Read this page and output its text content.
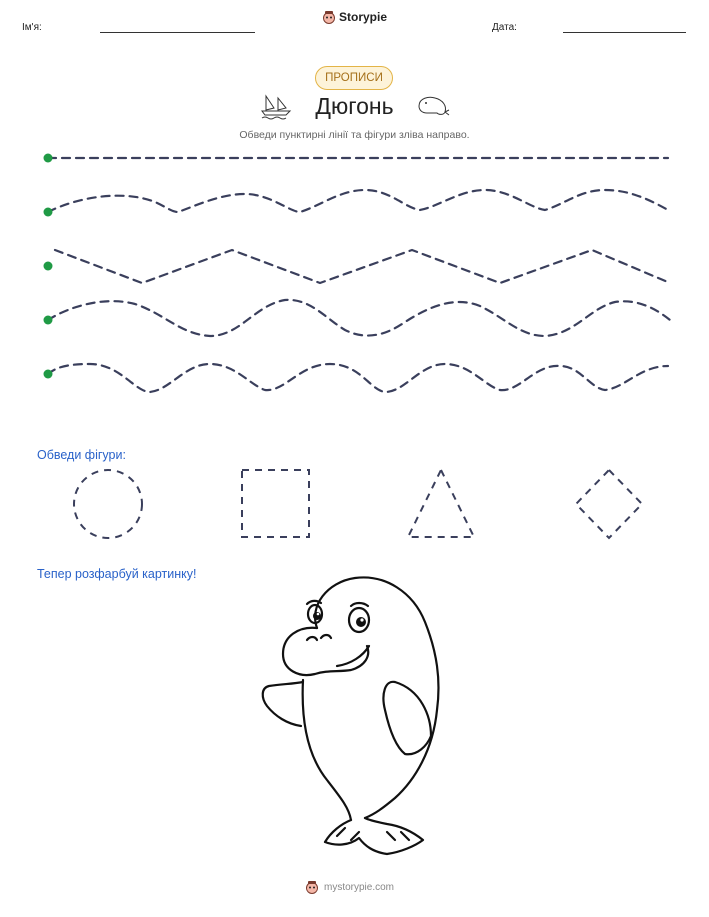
Ім'я:
Storypie
Дата:
ПРОПИСИ
Дюгонь
Обведи пунктирні лінії та фігури зліва направо.
Обведи фігури:
Тепер розфарбуй картинку!
mystorypie.com
